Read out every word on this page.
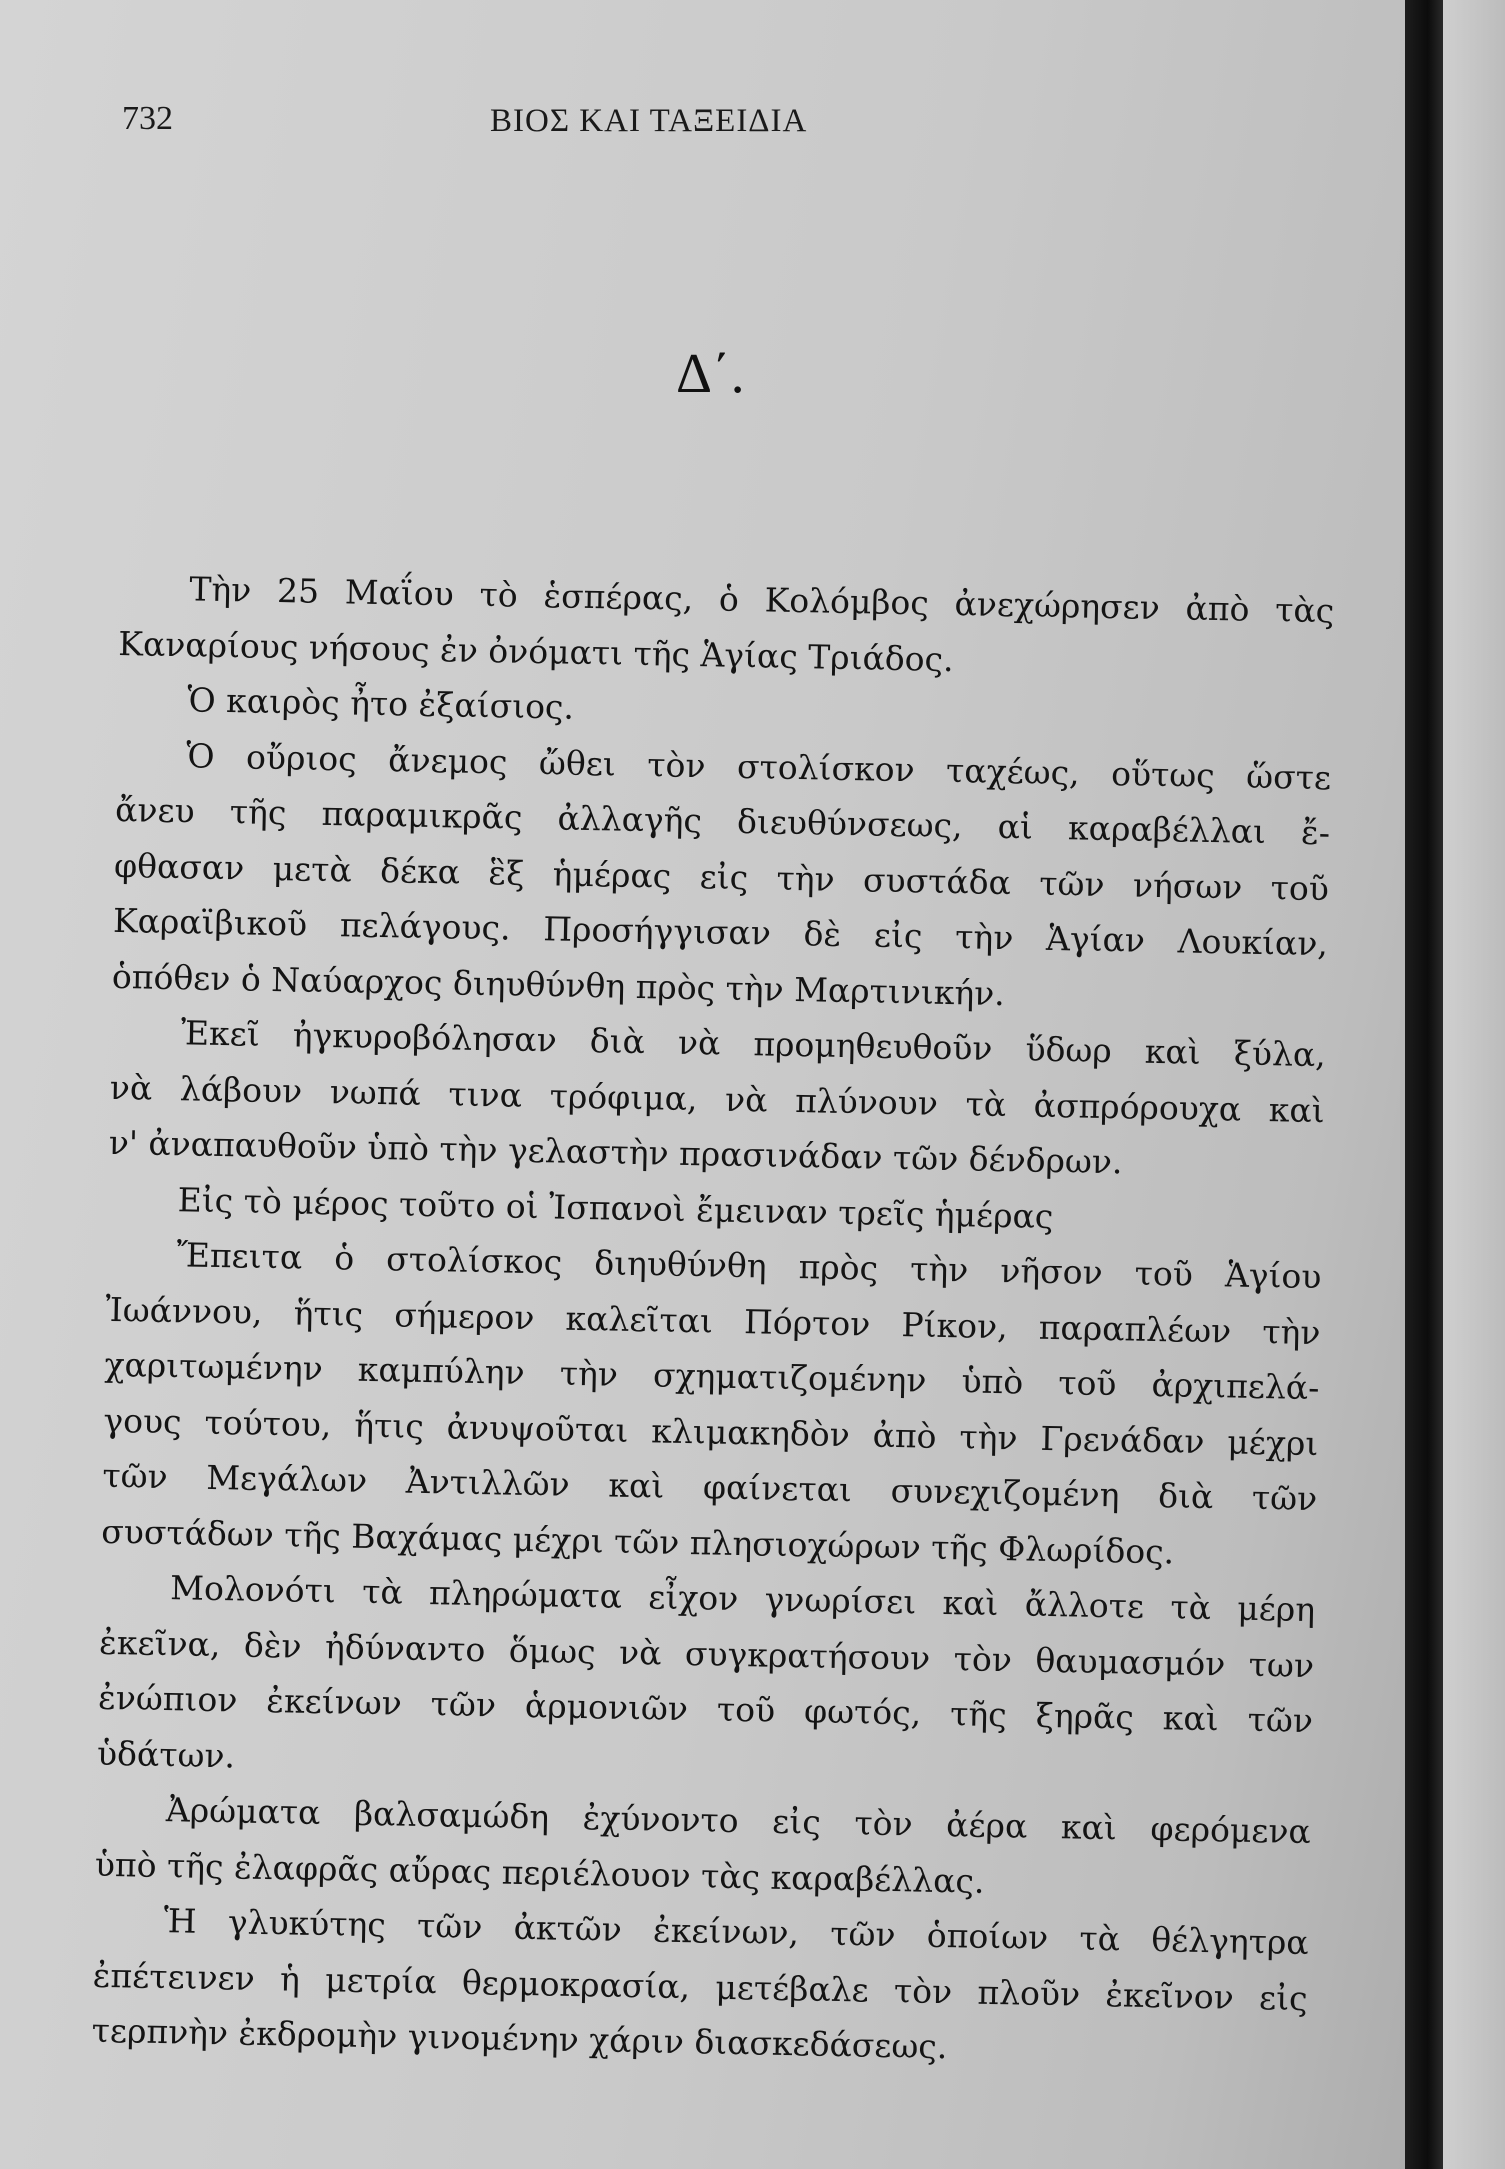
732	ΒΙΟΣ ΚΑΙ ΤΑΞΕΙΔΙΑ
Δ΄.
Τὴν 25 Μαΐου τὸ ἑσπέρας, ὁ Κολόμβος ἀνεχώρησεν ἀπὸ τὰς
Καναρίους νήσους ἐν ὀνόματι τῆς Ἁγίας Τριάδος.
Ὁ καιρὸς ἦτο ἐξαίσιος.
Ὁ οὔριος ἄνεμος ὤθει τὸν στολίσκον ταχέως, οὕτως ὥστε
ἄνευ τῆς παραμικρᾶς ἀλλαγῆς διευθύνσεως, αἱ καραβέλλαι ἔ-
φθασαν μετὰ δέκα ἓξ ἡμέρας εἰς τὴν συστάδα τῶν νήσων τοῦ
Καραϊβικοῦ πελάγους. Προσήγγισαν δὲ εἰς τὴν Ἁγίαν Λουκίαν,
ὁπόθεν ὁ Ναύαρχος διηυθύνθη πρὸς τὴν Μαρτινικήν.
Ἐκεῖ ἠγκυροβόλησαν διὰ νὰ προμηθευθοῦν ὕδωρ καὶ ξύλα,
νὰ λάβουν νωπά τινα τρόφιμα, νὰ πλύνουν τὰ ἀσπρόρουχα καὶ
ν' ἀναπαυθοῦν ὑπὸ τὴν γελαστὴν πρασινάδαν τῶν δένδρων.
Εἰς τὸ μέρος τοῦτο οἱ Ἰσπανοὶ ἔμειναν τρεῖς ἡμέρας
Ἔπειτα ὁ στολίσκος διηυθύνθη πρὸς τὴν νῆσον τοῦ Ἁγίου
Ἰωάννου, ἥτις σήμερον καλεῖται Πόρτον Ρίκον, παραπλέων τὴν
χαριτωμένην καμπύλην τὴν σχηματιζομένην ὑπὸ τοῦ ἀρχιπελά-
γους τούτου, ἥτις ἀνυψοῦται κλιμακηδὸν ἀπὸ τὴν Γρενάδαν μέχρι
τῶν Μεγάλων Ἀντιλλῶν καὶ φαίνεται συνεχιζομένη διὰ τῶν
συστάδων τῆς Βαχάμας μέχρι τῶν πλησιοχώρων τῆς Φλωρίδος.
Μολονότι τὰ πληρώματα εἶχον γνωρίσει καὶ ἄλλοτε τὰ μέρη
ἐκεῖνα, δὲν ἠδύναντο ὅμως νὰ συγκρατήσουν τὸν θαυμασμόν των
ἐνώπιον ἐκείνων τῶν ἁρμονιῶν τοῦ φωτός, τῆς ξηρᾶς καὶ τῶν
ὑδάτων.
Ἀρώματα βαλσαμώδη ἐχύνοντο εἰς τὸν ἀέρα καὶ φερόμενα
ὑπὸ τῆς ἐλαφρᾶς αὔρας περιέλουον τὰς καραβέλλας.
Ἡ γλυκύτης τῶν ἀκτῶν ἐκείνων, τῶν ὁποίων τὰ θέλγητρα
ἐπέτεινεν ἡ μετρία θερμοκρασία, μετέβαλε τὸν πλοῦν ἐκεῖνον εἰς
τερπνὴν ἐκδρομὴν γινομένην χάριν διασκεδάσεως.
